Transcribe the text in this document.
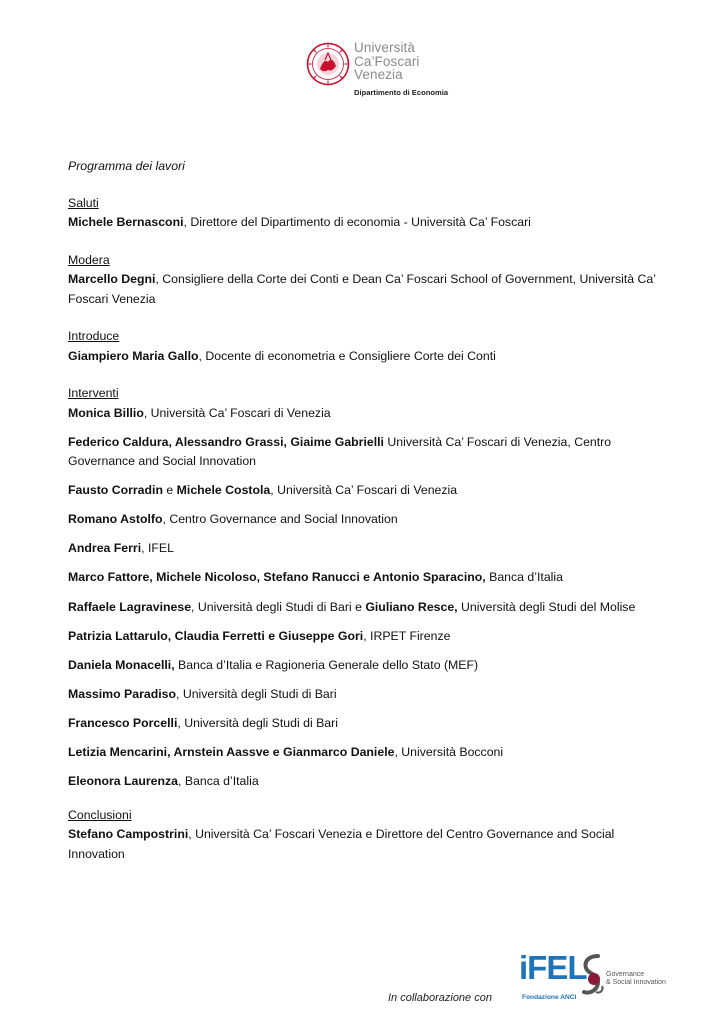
Università
Ca’Foscari
Venezia
Dipartimento di Economia
Programma dei lavori
Saluti
Michele Bernasconi, Direttore del Dipartimento di economia - Università Ca’ Foscari
Modera
Marcello Degni, Consigliere della Corte dei Conti e Dean Ca’ Foscari School of Government, Università Ca’ Foscari Venezia
Introduce
Giampiero Maria Gallo, Docente di econometria e Consigliere Corte dei Conti
Interventi
Monica Billio, Università Ca’ Foscari di Venezia
Federico Caldura, Alessandro Grassi, Giaime Gabrielli Università Ca’ Foscari di Venezia, Centro Governance and Social Innovation
Fausto Corradin e Michele Costola, Università Ca’ Foscari di Venezia
Romano Astolfo, Centro Governance and Social Innovation
Andrea Ferri, IFEL
Marco Fattore, Michele Nicoloso, Stefano Ranucci e Antonio Sparacino, Banca d’Italia
Raffaele Lagravinese, Università degli Studi di Bari e Giuliano Resce, Università degli Studi del Molise
Patrizia Lattarulo, Claudia Ferretti e Giuseppe Gori, IRPET Firenze
Daniela Monacelli, Banca d’Italia e Ragioneria Generale dello Stato (MEF)
Massimo Paradiso, Università degli Studi di Bari
Francesco Porcelli, Università degli Studi di Bari
Letizia Mencarini, Arnstein Aassve e Gianmarco Daniele, Università Bocconi
Eleonora Laurenza, Banca d’Italia
Conclusioni
Stefano Campostrini, Università Ca’ Foscari Venezia e Direttore del Centro Governance and Social Innovation
In collaborazione con
iFEL
Fondazione ANCI
Governance
& Social Innovation
